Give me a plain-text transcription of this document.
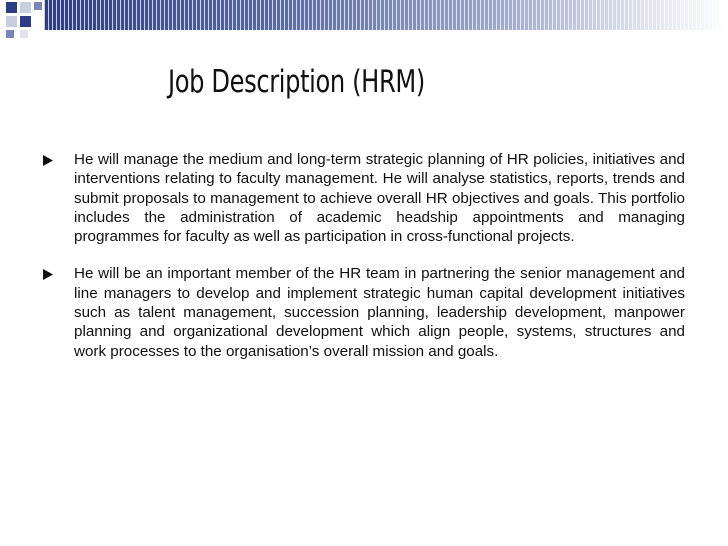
Job Description (HRM)

He will manage the medium and long-term strategic planning of HR policies, initiatives and interventions relating to faculty management. He will analyse statistics, reports, trends and submit proposals to management to achieve overall HR objectives and goals. This portfolio includes the administration of academic headship appointments and managing programmes for faculty as well as participation in cross-functional projects.

He will be an important member of the HR team in partnering the senior management and line managers to develop and implement strategic human capital development initiatives such as talent management, succession planning, leadership development, manpower planning and organizational development which align people, systems, structures and work processes to the organisation’s overall mission and goals.
